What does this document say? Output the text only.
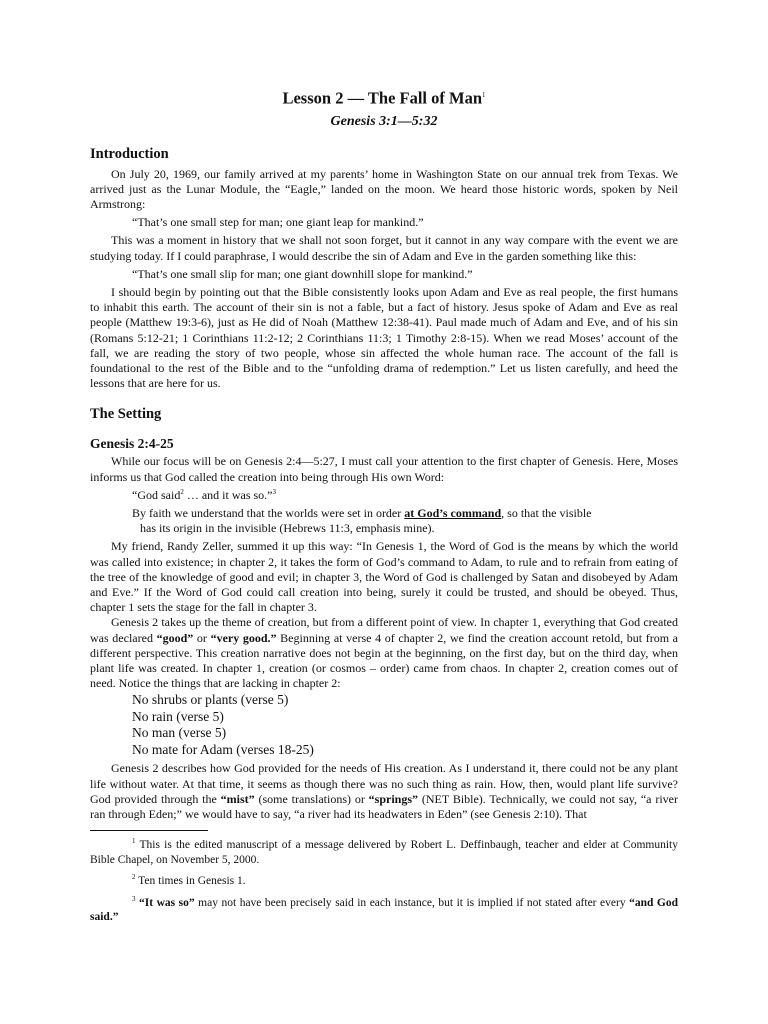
Lesson 2 — The Fall of Man$^1$
Genesis 3:1—5:32
Introduction

On July 20, 1969, our family arrived at my parents’ home in Washington State on our annual trek from Texas. We arrived just as the Lunar Module, the “Eagle,” landed on the moon. We heard those historic words, spoken by Neil Armstrong:

“That’s one small step for man; one giant leap for mankind.”

This was a moment in history that we shall not soon forget, but it cannot in any way compare with the event we are studying today. If I could paraphrase, I would describe the sin of Adam and Eve in the garden something like this:

“That’s one small slip for man; one giant downhill slope for mankind.”

I should begin by pointing out that the Bible consistently looks upon Adam and Eve as real people, the first humans to inhabit this earth. The account of their sin is not a fable, but a fact of history. Jesus spoke of Adam and Eve as real people (Matthew 19:3-6), just as He did of Noah (Matthew 12:38-41). Paul made much of Adam and Eve, and of his sin (Romans 5:12-21; 1 Corinthians 11:2-12; 2 Corinthians 11:3; 1 Timothy 2:8-15). When we read Moses’ account of the fall, we are reading the story of two people, whose sin affected the whole human race. The account of the fall is foundational to the rest of the Bible and to the “unfolding drama of redemption.” Let us listen carefully, and heed the lessons that are here for us.

The Setting
Genesis 2:4-25

While our focus will be on Genesis 2:4—5:27, I must call your attention to the first chapter of Genesis. Here, Moses informs us that God called the creation into being through His own Word:

“God said$^2$ … and it was so.”$^3$

By faith we understand that the worlds were set in order at God’s command, so that the visible
has its origin in the invisible (Hebrews 11:3, emphasis mine).

My friend, Randy Zeller, summed it up this way: “In Genesis 1, the Word of God is the means by which the world was called into existence; in chapter 2, it takes the form of God’s command to Adam, to rule and to refrain from eating of the tree of the knowledge of good and evil; in chapter 3, the Word of God is challenged by Satan and disobeyed by Adam and Eve.” If the Word of God could call creation into being, surely it could be trusted, and should be obeyed. Thus, chapter 1 sets the stage for the fall in chapter 3.

Genesis 2 takes up the theme of creation, but from a different point of view. In chapter 1, everything that God created was declared “good” or “very good.” Beginning at verse 4 of chapter 2, we find the creation account retold, but from a different perspective. This creation narrative does not begin at the beginning, on the first day, but on the third day, when plant life was created. In chapter 1, creation (or cosmos – order) came from chaos. In chapter 2, creation comes out of need. Notice the things that are lacking in chapter 2:

No shrubs or plants (verse 5)
No rain (verse 5)
No man (verse 5)
No mate for Adam (verses 18-25)

Genesis 2 describes how God provided for the needs of His creation. As I understand it, there could not be any plant life without water. At that time, it seems as though there was no such thing as rain. How, then, would plant life survive? God provided through the “mist” (some translations) or “springs” (NET Bible). Technically, we could not say, “a river ran through Eden;” we would have to say, “a river had its headwaters in Eden” (see Genesis 2:10). That

$^1$ This is the edited manuscript of a message delivered by Robert L. Deffinbaugh, teacher and elder at Community Bible Chapel, on November 5, 2000.

$^2$ Ten times in Genesis 1.

$^3$ “It was so” may not have been precisely said in each instance, but it is implied if not stated after every “and God said.”
